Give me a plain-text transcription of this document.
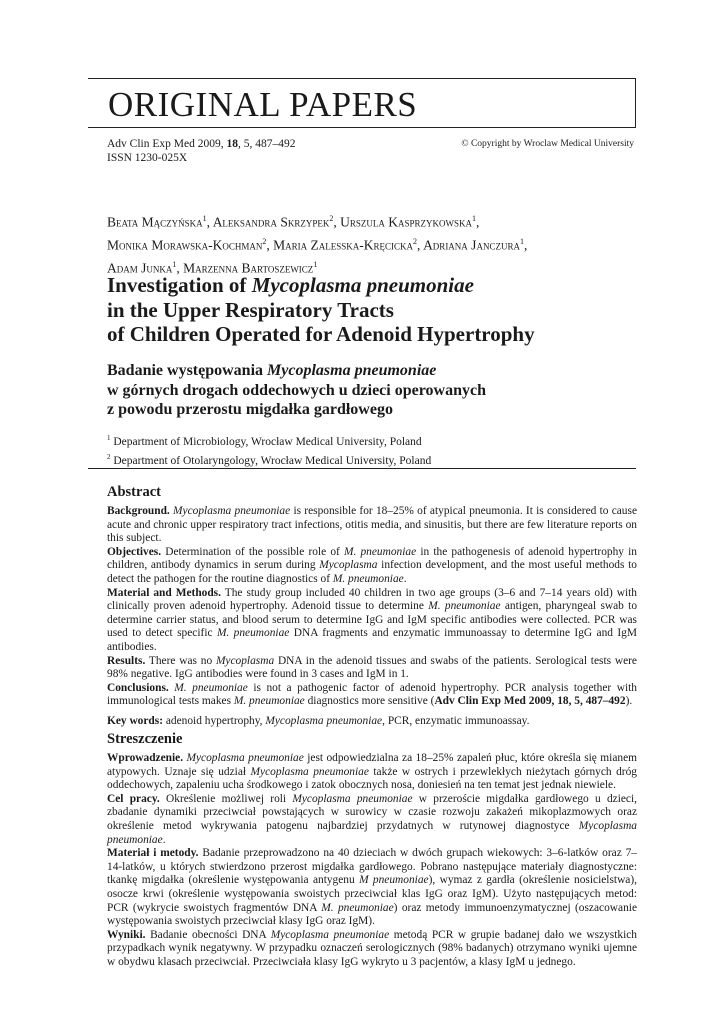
ORIGINAL PAPERS
Adv Clin Exp Med 2009, 18, 5, 487–492
ISSN 1230-025X
© Copyright by Wroclaw Medical University
Beata Mączyńska$^1$, Aleksandra Skrzypek$^2$, Urszula Kasprzykowska$^1$,
Monika Morawska-Kochman$^2$, Maria Zalesska-Kręcicka$^2$, Adriana Janczura$^1$,
Adam Junka$^1$, Marzenna Bartoszewicz$^1$
Investigation of Mycoplasma pneumoniae
in the Upper Respiratory Tracts
of Children Operated for Adenoid Hypertrophy
Badanie występowania Mycoplasma pneumoniae
w górnych drogach oddechowych u dzieci operowanych
z powodu przerostu migdałka gardłowego
$^1$ Department of Microbiology, Wrocław Medical University, Poland
$^2$ Department of Otolaryngology, Wrocław Medical University, Poland
Abstract

Background. Mycoplasma pneumoniae is responsible for 18–25% of atypical pneumonia. It is considered to cause acute and chronic upper respiratory tract infections, otitis media, and sinusitis, but there are few literature reports on this subject.

Objectives. Determination of the possible role of M. pneumoniae in the pathogenesis of adenoid hypertrophy in children, antibody dynamics in serum during Mycoplasma infection development, and the most useful methods to detect the pathogen for the routine diagnostics of M. pneumoniae.

Material and Methods. The study group included 40 children in two age groups (3–6 and 7–14 years old) with clinically proven adenoid hypertrophy. Adenoid tissue to determine M. pneumoniae antigen, pharyngeal swab to determine carrier status, and blood serum to determine IgG and IgM specific antibodies were collected. PCR was used to detect specific M. pneumoniae DNA fragments and enzymatic immunoassay to determine IgG and IgM antibodies.

Results. There was no Mycoplasma DNA in the adenoid tissues and swabs of the patients. Serological tests were 98% negative. IgG antibodies were found in 3 cases and IgM in 1.

Conclusions. M. pneumoniae is not a pathogenic factor of adenoid hypertrophy. PCR analysis together with immunological tests makes M. pneumoniae diagnostics more sensitive (Adv Clin Exp Med 2009, 18, 5, 487–492).

Key words: adenoid hypertrophy, Mycoplasma pneumoniae, PCR, enzymatic immunoassay.

Streszczenie

Wprowadzenie. Mycoplasma pneumoniae jest odpowiedzialna za 18–25% zapaleń płuc, które określa się mianem atypowych. Uznaje się udział Mycoplasma pneumoniae także w ostrych i przewlekłych nieżytach górnych dróg oddechowych, zapaleniu ucha środkowego i zatok obocznych nosa, doniesień na ten temat jest jednak niewiele.

Cel pracy. Określenie możliwej roli Mycoplasma pneumoniae w przeroście migdałka gardłowego u dzieci, zbadanie dynamiki przeciwciał powstających w surowicy w czasie rozwoju zakażeń mikoplazmowych oraz określenie metod wykrywania patogenu najbardziej przydatnych w rutynowej diagnostyce Mycoplasma pneumoniae.

Materiał i metody. Badanie przeprowadzono na 40 dzieciach w dwóch grupach wiekowych: 3–6-latków oraz 7–14-latków, u których stwierdzono przerost migdałka gardłowego. Pobrano następujące materiały diagnostyczne: tkankę migdałka (określenie występowania antygenu M pneumoniae), wymaz z gardła (określenie nosicielstwa), osocze krwi (określenie występowania swoistych przeciwciał klas IgG oraz IgM). Użyto następujących metod: PCR (wykrycie swoistych fragmentów DNA M. pneumoniae) oraz metody immunoenzymatycznej (oszacowanie występowania swoistych przeciwciał klasy IgG oraz IgM).

Wyniki. Badanie obecności DNA Mycoplasma pneumoniae metodą PCR w grupie badanej dało we wszystkich przypadkach wynik negatywny. W przypadku oznaczeń serologicznych (98% badanych) otrzymano wyniki ujemne w obydwu klasach przeciwciał. Przeciwciała klasy IgG wykryto u 3 pacjentów, a klasy IgM u jednego.
